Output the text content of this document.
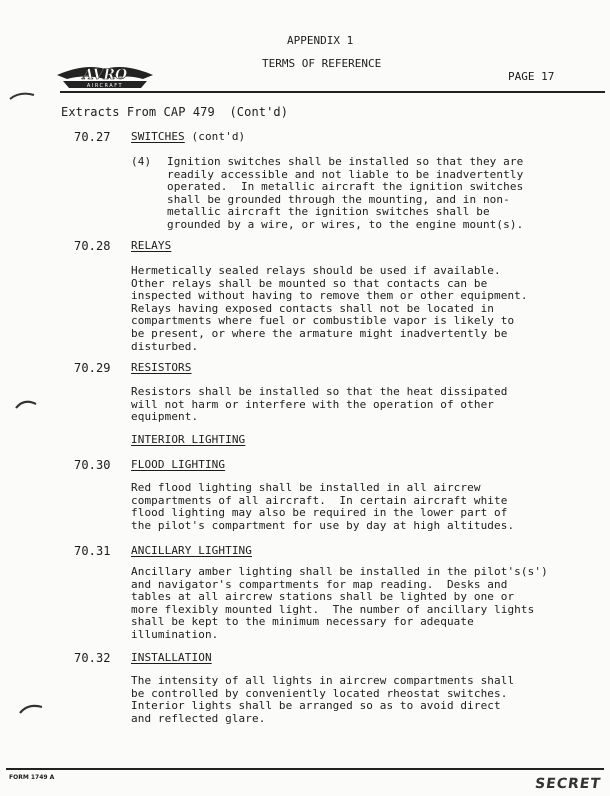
APPENDIX 1
TERMS OF REFERENCE
PAGE 17
AVRO
AIRCRAFT
Extracts From CAP 479  (Cont'd)
70.27 SWITCHES (cont'd)
(4) Ignition switches shall be installed so that they are
readily accessible and not liable to be inadvertently
operated.  In metallic aircraft the ignition switches
shall be grounded through the mounting, and in non-
metallic aircraft the ignition switches shall be
grounded by a wire, or wires, to the engine mount(s).
70.28 RELAYS
Hermetically sealed relays should be used if available.
Other relays shall be mounted so that contacts can be
inspected without having to remove them or other equipment.
Relays having exposed contacts shall not be located in
compartments where fuel or combustible vapor is likely to
be present, or where the armature might inadvertently be
disturbed.
70.29 RESISTORS
Resistors shall be installed so that the heat dissipated
will not harm or interfere with the operation of other
equipment.
INTERIOR LIGHTING
70.30 FLOOD LIGHTING
Red flood lighting shall be installed in all aircrew
compartments of all aircraft.  In certain aircraft white
flood lighting may also be required in the lower part of
the pilot's compartment for use by day at high altitudes.
70.31 ANCILLARY LIGHTING
Ancillary amber lighting shall be installed in the pilot's(s')
and navigator's compartments for map reading.  Desks and
tables at all aircrew stations shall be lighted by one or
more flexibly mounted light.  The number of ancillary lights
shall be kept to the minimum necessary for adequate
illumination.
70.32 INSTALLATION
The intensity of all lights in aircrew compartments shall
be controlled by conveniently located rheostat switches.
Interior lights shall be arranged so as to avoid direct
and reflected glare.
FORM 1749 A	SECRET
